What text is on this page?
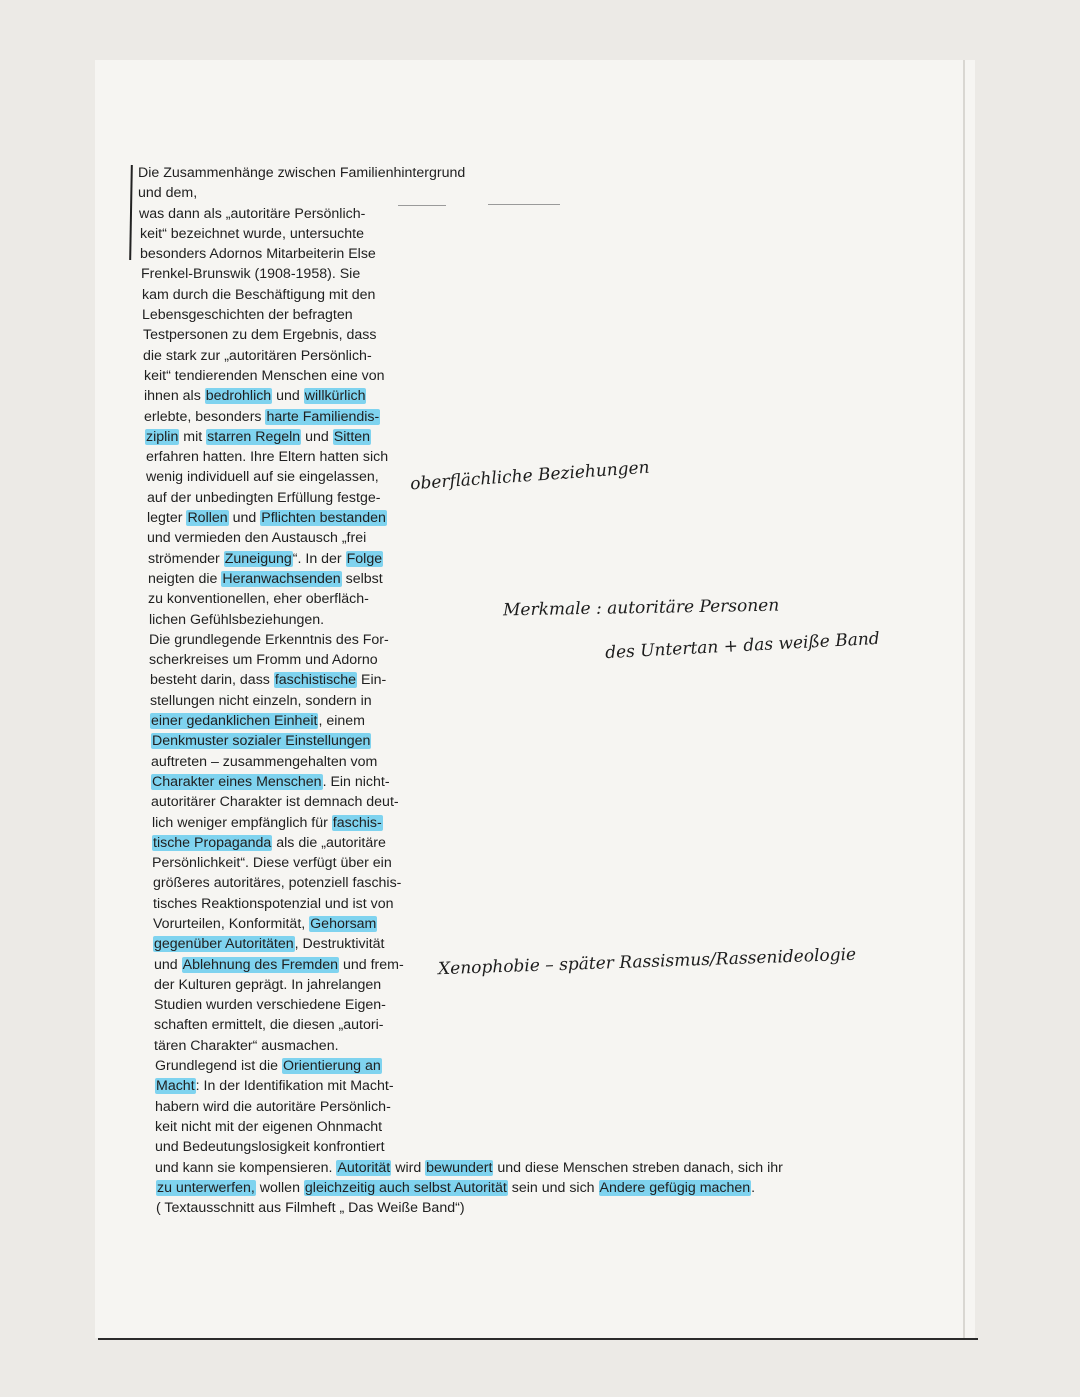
Die Zusammenhänge zwischen Familienhintergrund
und dem,
was dann als „autoritäre Persönlich-
keit“ bezeichnet wurde, untersuchte
besonders Adornos Mitarbeiterin Else
Frenkel-Brunswik (1908-1958). Sie
kam durch die Beschäftigung mit den
Lebensgeschichten der befragten
Testpersonen zu dem Ergebnis, dass
die stark zur „autoritären Persönlich-
keit“ tendierenden Menschen eine von
ihnen als bedrohlich und willkürlich
erlebte, besonders harte Familiendis-
ziplin mit starren Regeln und Sitten
erfahren hatten. Ihre Eltern hatten sich
wenig individuell auf sie eingelassen,
auf der unbedingten Erfüllung festge-
legter Rollen und Pflichten bestanden
und vermieden den Austausch „frei
strömender Zuneigung“. In der Folge
neigten die Heranwachsenden selbst
zu konventionellen, eher oberfläch-
lichen Gefühlsbeziehungen.
Die grundlegende Erkenntnis des For-
scherkreises um Fromm und Adorno
besteht darin, dass faschistische Ein-
stellungen nicht einzeln, sondern in
einer gedanklichen Einheit, einem
Denkmuster sozialer Einstellungen
auftreten – zusammengehalten vom
Charakter eines Menschen. Ein nicht-
autoritärer Charakter ist demnach deut-
lich weniger empfänglich für faschis-
tische Propaganda als die „autoritäre
Persönlichkeit“. Diese verfügt über ein
größeres autoritäres, potenziell faschis-
tisches Reaktionspotenzial und ist von
Vorurteilen, Konformität, Gehorsam
gegenüber Autoritäten, Destruktivität
und Ablehnung des Fremden und frem-
der Kulturen geprägt. In jahrelangen
Studien wurden verschiedene Eigen-
schaften ermittelt, die diesen „autori-
tären Charakter“ ausmachen.
Grundlegend ist die Orientierung an
Macht: In der Identifikation mit Macht-
habern wird die autoritäre Persönlich-
keit nicht mit der eigenen Ohnmacht
und Bedeutungslosigkeit konfrontiert
und kann sie kompensieren. Autorität wird bewundert und diese Menschen streben danach, sich ihr
zu unterwerfen, wollen gleichzeitig auch selbst Autorität sein und sich Andere gefügig machen.
( Textausschnitt aus Filmheft „ Das Weiße Band“)
oberflächliche Beziehungen
Merkmale : autoritäre Personen
des Untertan + das weiße Band
Xenophobie – später Rassismus/Rassenideologie
